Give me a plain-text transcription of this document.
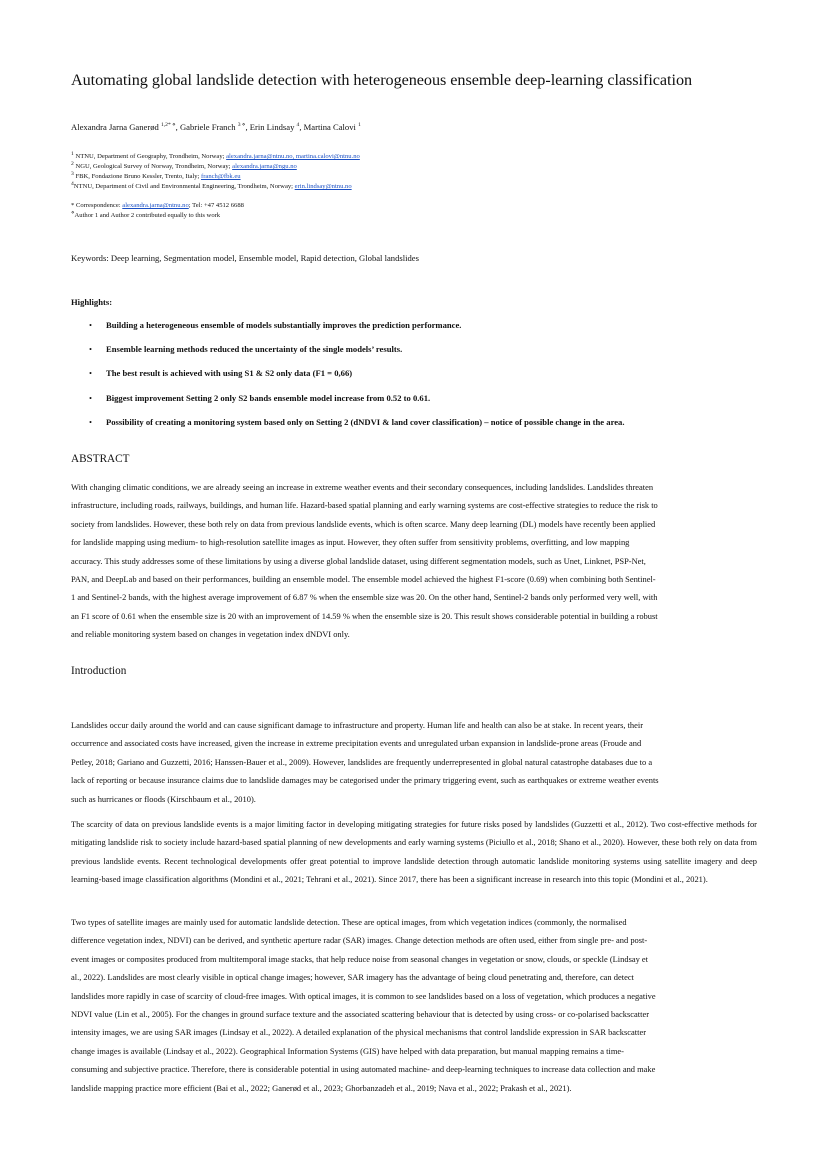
Automating global landslide detection with heterogeneous ensemble deep-learning classification
Alexandra Jarna Ganerød $^{1,2* ⋄}$, Gabriele Franch $^{3 ⋄}$, Erin Lindsay $^4$, Martina Calovi $^1$
$^1$ NTNU, Department of Geography, Trondheim, Norway; alexandra.jarna@ntnu.no, martina.calovi@ntnu.no
$^2$ NGU, Geological Survey of Norway, Trondheim, Norway; alexandra.jarna@ngu.no
$^3$ FBK, Fondazione Bruno Kessler, Trento, Italy; franch@fbk.eu
$^4$NTNU, Department of Civil and Environmental Engineering, Trondheim, Norway; erin.lindsay@ntnu.no
* Correspondence: alexandra.jarna@ntnu.no; Tel: +47 4512 6688
⋄Author 1 and Author 2 contributed equally to this work
Keywords: Deep learning, Segmentation model, Ensemble model, Rapid detection, Global landslides
Highlights:
• Building a heterogeneous ensemble of models substantially improves the prediction performance.
• Ensemble learning methods reduced the uncertainty of the single models’ results.
• The best result is achieved with using S1 & S2 only data (F1 = 0,66)
• Biggest improvement Setting 2 only S2 bands ensemble model increase from 0.52 to 0.61.
• Possibility of creating a monitoring system based only on Setting 2 (dNDVI & land cover classification) – notice of possible change in the area.
ABSTRACT
With changing climatic conditions, we are already seeing an increase in extreme weather events and their secondary consequences, including landslides. Landslides threaten
infrastructure, including roads, railways, buildings, and human life. Hazard-based spatial planning and early warning systems are cost-effective strategies to reduce the risk to
society from landslides. However, these both rely on data from previous landslide events, which is often scarce. Many deep learning (DL) models have recently been applied
for landslide mapping using medium- to high-resolution satellite images as input. However, they often suffer from sensitivity problems, overfitting, and low mapping
accuracy. This study addresses some of these limitations by using a diverse global landslide dataset, using different segmentation models, such as Unet, Linknet, PSP-Net,
PAN, and DeepLab and based on their performances, building an ensemble model. The ensemble model achieved the highest F1-score (0.69) when combining both Sentinel-
1 and Sentinel-2 bands, with the highest average improvement of 6.87 % when the ensemble size was 20. On the other hand, Sentinel-2 bands only performed very well, with
an F1 score of 0.61 when the ensemble size is 20 with an improvement of 14.59 % when the ensemble size is 20. This result shows considerable potential in building a robust
and reliable monitoring system based on changes in vegetation index dNDVI only.
Introduction
Landslides occur daily around the world and can cause significant damage to infrastructure and property. Human life and health can also be at stake. In recent years, their
occurrence and associated costs have increased, given the increase in extreme precipitation events and unregulated urban expansion in landslide-prone areas (Froude and
Petley, 2018; Gariano and Guzzetti, 2016; Hanssen-Bauer et al., 2009). However, landslides are frequently underrepresented in global natural catastrophe databases due to a
lack of reporting or because insurance claims due to landslide damages may be categorised under the primary triggering event, such as earthquakes or extreme weather events
such as hurricanes or floods (Kirschbaum et al., 2010).
The scarcity of data on previous landslide events is a major limiting factor in developing mitigating strategies for future risks posed by landslides (Guzzetti et al., 2012). Two cost-effective methods for mitigating landslide risk to society include hazard-based spatial planning of new developments and early warning systems (Piciullo et al., 2018; Shano et al., 2020). However, these both rely on data from previous landslide events. Recent technological developments offer great potential to improve landslide detection through automatic landslide monitoring systems using satellite imagery and deep learning-based image classification algorithms (Mondini et al., 2021; Tehrani et al., 2021). Since 2017, there has been a significant increase in research into this topic (Mondini et al., 2021).
Two types of satellite images are mainly used for automatic landslide detection. These are optical images, from which vegetation indices (commonly, the normalised
difference vegetation index, NDVI) can be derived, and synthetic aperture radar (SAR) images. Change detection methods are often used, either from single pre- and post-
event images or composites produced from multitemporal image stacks, that help reduce noise from seasonal changes in vegetation or snow, clouds, or speckle (Lindsay et
al., 2022). Landslides are most clearly visible in optical change images; however, SAR imagery has the advantage of being cloud penetrating and, therefore, can detect
landslides more rapidly in case of scarcity of cloud-free images. With optical images, it is common to see landslides based on a loss of vegetation, which produces a negative
NDVI value (Lin et al., 2005). For the changes in ground surface texture and the associated scattering behaviour that is detected by using cross- or co-polarised backscatter
intensity images, we are using SAR images (Lindsay et al., 2022). A detailed explanation of the physical mechanisms that control landslide expression in SAR backscatter
change images is available (Lindsay et al., 2022). Geographical Information Systems (GIS) have helped with data preparation, but manual mapping remains a time-
consuming and subjective practice. Therefore, there is considerable potential in using automated machine- and deep-learning techniques to increase data collection and make
landslide mapping practice more efficient (Bai et al., 2022; Ganerød et al., 2023; Ghorbanzadeh et al., 2019; Nava et al., 2022; Prakash et al., 2021).
